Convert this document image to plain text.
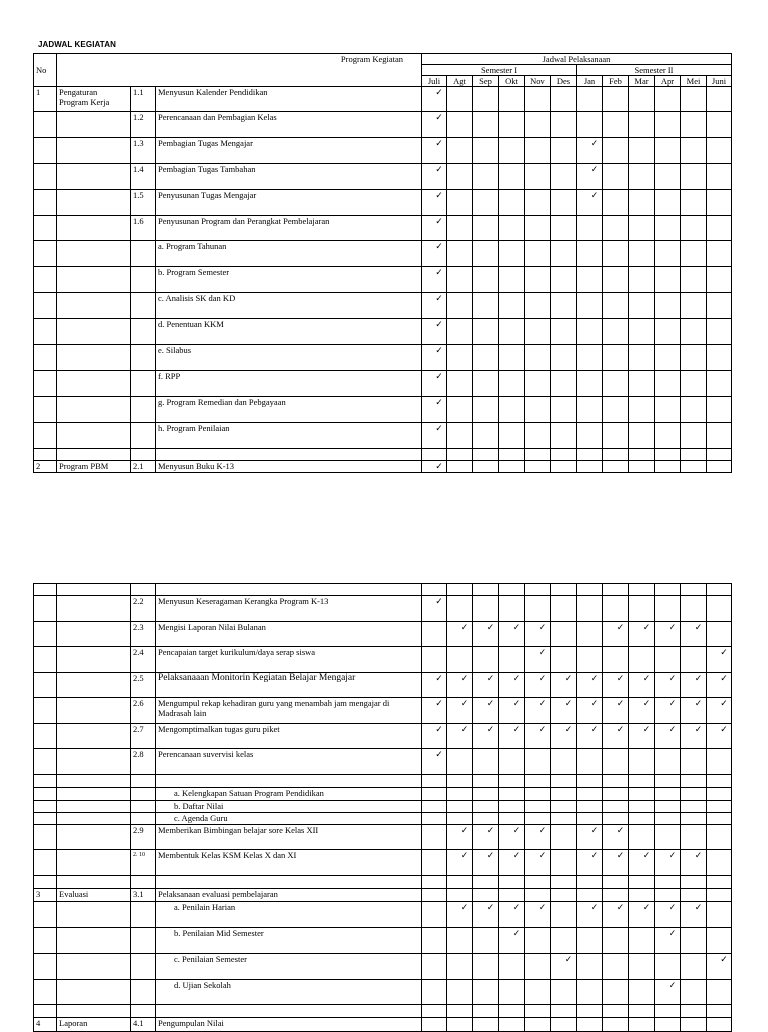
JADWAL KEGIATAN
No	Program Kegiatan			Jadwal Pelaksanaan											
				Semester I						Semester II					
				Juli	Agt	Sep	Okt	Nov	Des	Jan	Feb	Mar	Apr	Mei	Juni
1	Pengaturan Program Kerja	1.1	Menyusun Kalender Pendidikan	✓											
		1.2	Perencanaan dan Pembagian Kelas	✓											
		1.3	Pembagian Tugas Mengajar	✓						✓					
		1.4	Pembagian Tugas Tambahan	✓						✓					
		1.5	Penyusunan Tugas Mengajar	✓						✓					
		1.6	Penyusunan Program dan Perangkat Pembelajaran	✓											
			a. Program Tahunan	✓											
			b. Program Semester	✓											
			c. Analisis SK dan KD	✓											
			d. Penentuan KKM	✓											
			e. Silabus	✓											
			f. RPP	✓											
			g. Program Remedian dan Pebgayaan	✓											
			h. Program Penilaian	✓											

2	Program PBM	2.1	Menyusun Buku K-13	✓											

		2.2	Menyusun Keseragaman Kerangka Program K-13	✓											
		2.3	Mengisi Laporan Nilai Bulanan		✓	✓	✓	✓			✓	✓	✓	✓	
		2.4	Pencapaian target kurikulum/daya serap siswa					✓							✓
		2.5	Pelaksanaaan Monitorin Kegiatan Belajar Mengajar	✓	✓	✓	✓	✓	✓	✓	✓	✓	✓	✓	✓
		2.6	Mengumpul rekap kehadiran guru yang menambah jam mengajar di Madrasah lain	✓	✓	✓	✓	✓	✓	✓	✓	✓	✓	✓	✓
		2.7	Mengomptimalkan tugas guru piket	✓	✓	✓	✓	✓	✓	✓	✓	✓	✓	✓	✓
		2.8	Perencanaan suvervisi kelas	✓											

			a. Kelengkapan Satuan Program Pendidikan												
			b. Daftar Nilai												
			c. Agenda Guru												
		2.9	Memberikan Bimbingan belajar sore Kelas XII		✓	✓	✓	✓		✓	✓				
		2. 10	Membentuk Kelas KSM Kelas X dan XI		✓	✓	✓	✓		✓	✓	✓	✓	✓	

3	Evaluasi	3.1	Pelaksanaan evaluasi pembelajaran												
			a. Penilain Harian		✓	✓	✓	✓		✓	✓	✓	✓	✓	
			b. Penilaian Mid Semester				✓						✓		
			c. Penilaian Semester						✓						✓
			d. Ujian Sekolah										✓		

4	Laporan	4.1	Pengumpulan Nilai												
